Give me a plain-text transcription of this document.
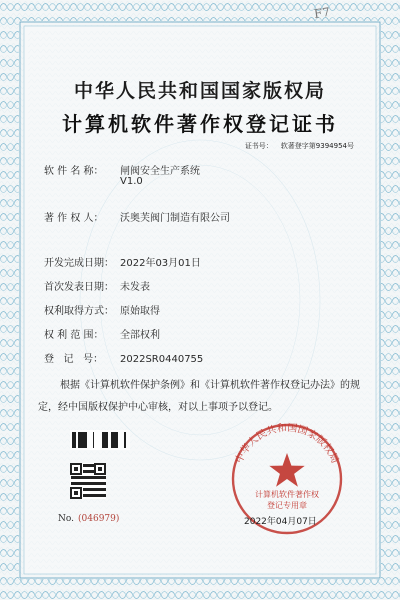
F7
中华人民共和国国家版权局
计算机软件著作权登记证书
证书号： 软著登字第9394954号
软 件 名 称： 闸阀安全生产系统
V1.0
著 作 权 人： 沃奥芙阀门制造有限公司
开发完成日期： 2022年03月01日
首次发表日期： 未发表
权利取得方式： 原始取得
权 利 范 围： 全部权利
登   记   号： 2022SR0440755
根据《计算机软件保护条例》和《计算机软件著作权登记办法》的规定，经中国版权保护中心审核，对以上事项予以登记。
No. (046979)
中华人民共和国国家版权局
计算机软件著作权
登记专用章
2022年04月07日
